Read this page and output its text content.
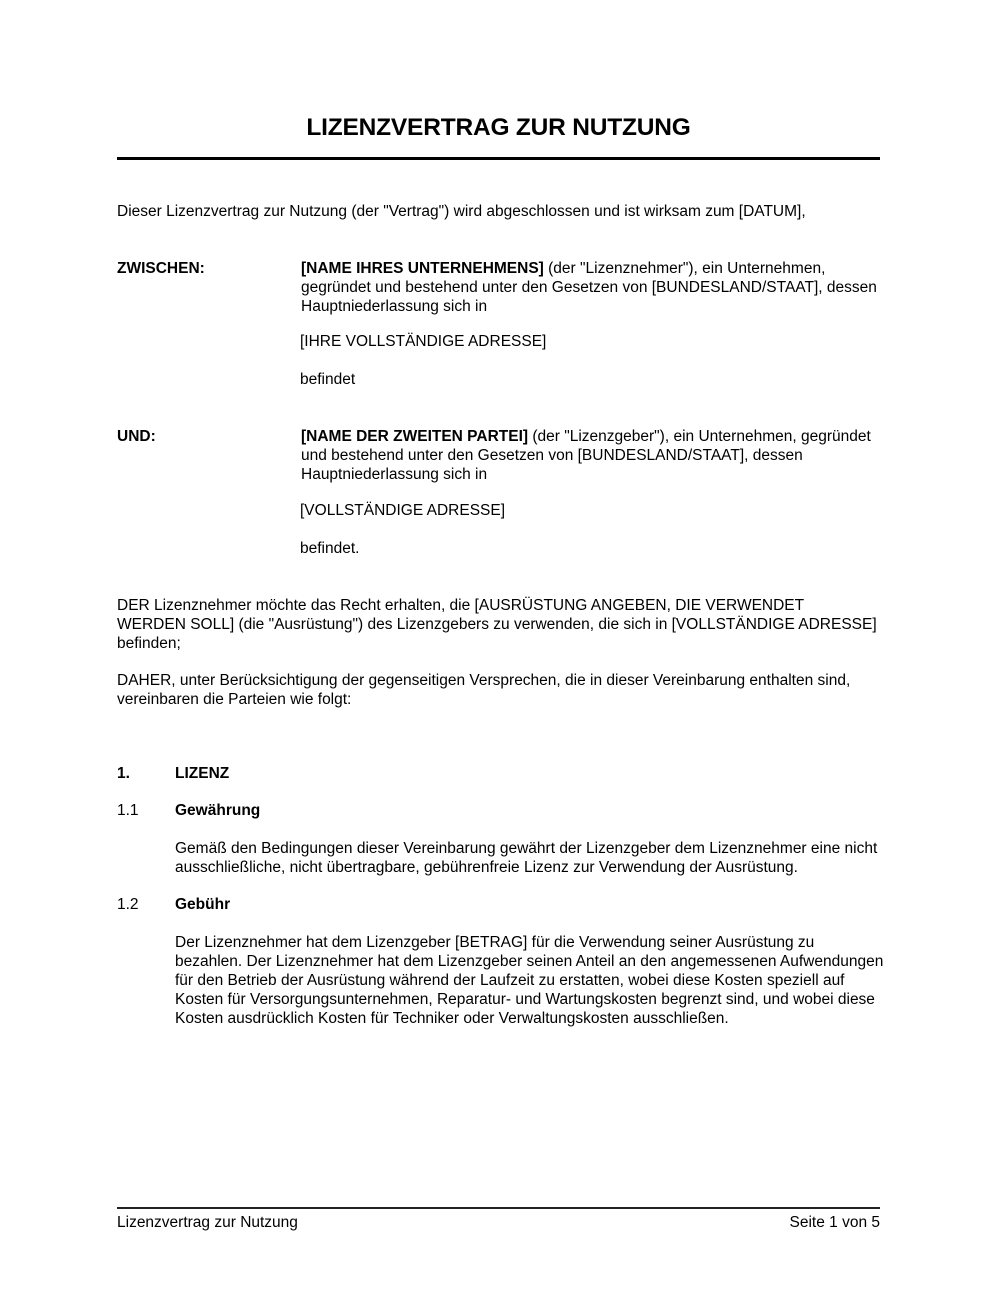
LIZENZVERTRAG ZUR NUTZUNG
Dieser Lizenzvertrag zur Nutzung (der "Vertrag") wird abgeschlossen und ist wirksam zum [DATUM],
ZWISCHEN:	[NAME IHRES UNTERNEHMENS] (der "Lizenznehmer"), ein Unternehmen, gegründet und bestehend unter den Gesetzen von [BUNDESLAND/STAAT], dessen Hauptniederlassung sich in
[IHRE VOLLSTÄNDIGE ADRESSE]
befindet
UND:	[NAME DER ZWEITEN PARTEI] (der "Lizenzgeber"), ein Unternehmen, gegründet und bestehend unter den Gesetzen von [BUNDESLAND/STAAT], dessen Hauptniederlassung sich in
[VOLLSTÄNDIGE ADRESSE]
befindet.
DER Lizenznehmer möchte das Recht erhalten, die [AUSRÜSTUNG ANGEBEN, DIE VERWENDET WERDEN SOLL] (die "Ausrüstung") des Lizenzgebers zu verwenden, die sich in [VOLLSTÄNDIGE ADRESSE] befinden;
DAHER, unter Berücksichtigung der gegenseitigen Versprechen, die in dieser Vereinbarung enthalten sind, vereinbaren die Parteien wie folgt:
1.	LIZENZ
1.1 Gewährung
Gemäß den Bedingungen dieser Vereinbarung gewährt der Lizenzgeber dem Lizenznehmer eine nicht ausschließliche, nicht übertragbare, gebührenfreie Lizenz zur Verwendung der Ausrüstung.
1.2 Gebühr
Der Lizenznehmer hat dem Lizenzgeber [BETRAG] für die Verwendung seiner Ausrüstung zu bezahlen. Der Lizenznehmer hat dem Lizenzgeber seinen Anteil an den angemessenen Aufwendungen für den Betrieb der Ausrüstung während der Laufzeit zu erstatten, wobei diese Kosten speziell auf Kosten für Versorgungsunternehmen, Reparatur- und Wartungskosten begrenzt sind, und wobei diese Kosten ausdrücklich Kosten für Techniker oder Verwaltungskosten ausschließen.
Lizenzvertrag zur Nutzung	Seite 1 von 5
